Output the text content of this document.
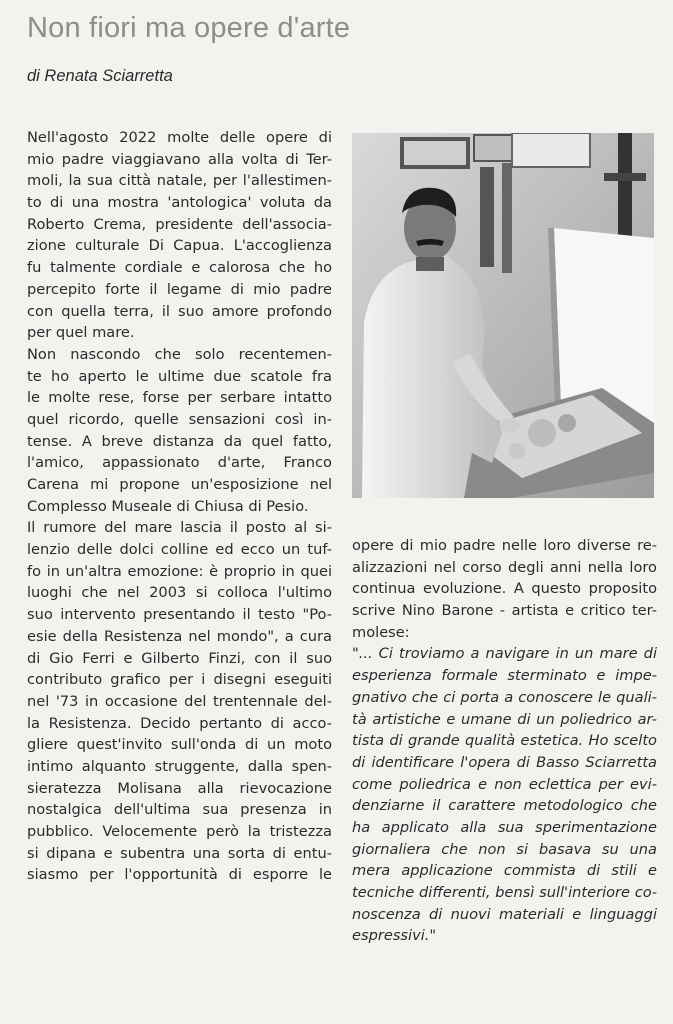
Non fiori ma opere d'arte
di Renata Sciarretta
Nell'agosto 2022 molte delle opere di
mio padre viaggiavano alla volta di Ter-
moli, la sua città natale, per l'allestimen-
to di una mostra 'antologica' voluta da
Roberto Crema, presidente dell'associa-
zione culturale Di Capua. L'accoglienza
fu talmente cordiale e calorosa che ho
percepito forte il legame di mio padre
con quella terra, il suo amore profondo
per quel mare.
Non nascondo che solo recentemen-
te ho aperto le ultime due scatole fra
le molte rese, forse per serbare intatto
quel ricordo, quelle sensazioni così in-
tense. A breve distanza da quel fatto,
l'amico, appassionato d'arte, Franco
Carena mi propone un'esposizione nel
Complesso Museale di Chiusa di Pesio.
Il rumore del mare lascia il posto al si-
lenzio delle dolci colline ed ecco un tuf-
fo in un'altra emozione: è proprio in quei
luoghi che nel 2003 si colloca l'ultimo
suo intervento presentando il testo "Po-
esie della Resistenza nel mondo", a cura
di Gio Ferri e Gilberto Finzi, con il suo
contributo grafico per i disegni eseguiti
nel '73 in occasione del trentennale del-
la Resistenza. Decido pertanto di acco-
gliere quest'invito sull'onda di un moto
intimo alquanto struggente, dalla spen-
sieratezza Molisana alla rievocazione
nostalgica dell'ultima sua presenza in
pubblico. Velocemente però la tristezza
si dipana e subentra una sorta di entu-
siasmo per l'opportunità di esporre le
opere di mio padre nelle loro diverse re-
alizzazioni nel corso degli anni nella loro
continua evoluzione. A questo proposito
scrive Nino Barone - artista e critico ter-
molese:
"... Ci troviamo a navigare in un mare di
esperienza formale sterminato e impe-
gnativo che ci porta a conoscere le quali-
tà artistiche e umane di un poliedrico ar-
tista di grande qualità estetica. Ho scelto
di identificare l'opera di Basso Sciarretta
come poliedrica e non eclettica per evi-
denziarne il carattere metodologico che
ha applicato alla sua sperimentazione
giornaliera che non si basava su una
mera applicazione commista di stili e
tecniche differenti, bensì sull'interiore co-
noscenza di nuovi materiali e linguaggi
espressivi."
